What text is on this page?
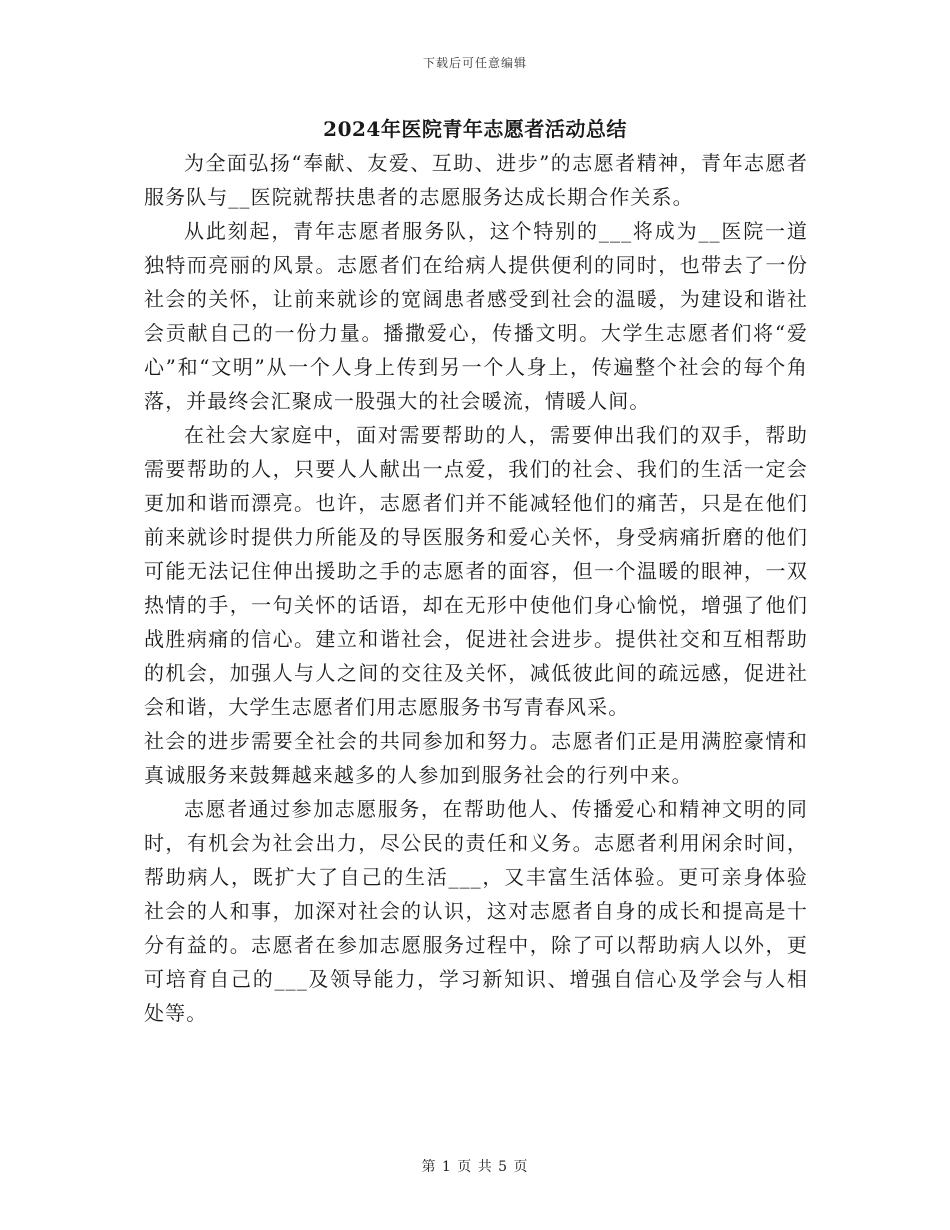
下载后可任意编辑
2024年医院青年志愿者活动总结

为全面弘扬“奉献、友爱、互助、进步”的志愿者精神，青年志愿者服务队与__医院就帮扶患者的志愿服务达成长期合作关系。

从此刻起，青年志愿者服务队，这个特别的___将成为__医院一道独特而亮丽的风景。志愿者们在给病人提供便利的同时，也带去了一份社会的关怀，让前来就诊的宽阔患者感受到社会的温暖，为建设和谐社会贡献自己的一份力量。播撒爱心，传播文明。大学生志愿者们将“爱心”和“文明”从一个人身上传到另一个人身上，传遍整个社会的每个角落，并最终会汇聚成一股强大的社会暖流，情暖人间。

在社会大家庭中，面对需要帮助的人，需要伸出我们的双手，帮助需要帮助的人，只要人人献出一点爱，我们的社会、我们的生活一定会更加和谐而漂亮。也许，志愿者们并不能减轻他们的痛苦，只是在他们前来就诊时提供力所能及的导医服务和爱心关怀，身受病痛折磨的他们可能无法记住伸出援助之手的志愿者的面容，但一个温暖的眼神，一双热情的手，一句关怀的话语，却在无形中使他们身心愉悦，增强了他们战胜病痛的信心。建立和谐社会，促进社会进步。提供社交和互相帮助的机会，加强人与人之间的交往及关怀，减低彼此间的疏远感，促进社会和谐，大学生志愿者们用志愿服务书写青春风采。

社会的进步需要全社会的共同参加和努力。志愿者们正是用满腔豪情和真诚服务来鼓舞越来越多的人参加到服务社会的行列中来。

志愿者通过参加志愿服务，在帮助他人、传播爱心和精神文明的同时，有机会为社会出力，尽公民的责任和义务。志愿者利用闲余时间，帮助病人，既扩大了自己的生活___，又丰富生活体验。更可亲身体验社会的人和事，加深对社会的认识，这对志愿者自身的成长和提高是十分有益的。志愿者在参加志愿服务过程中，除了可以帮助病人以外，更可培育自己的___及领导能力，学习新知识、增强自信心及学会与人相处等。

第 1 页 共 5 页
